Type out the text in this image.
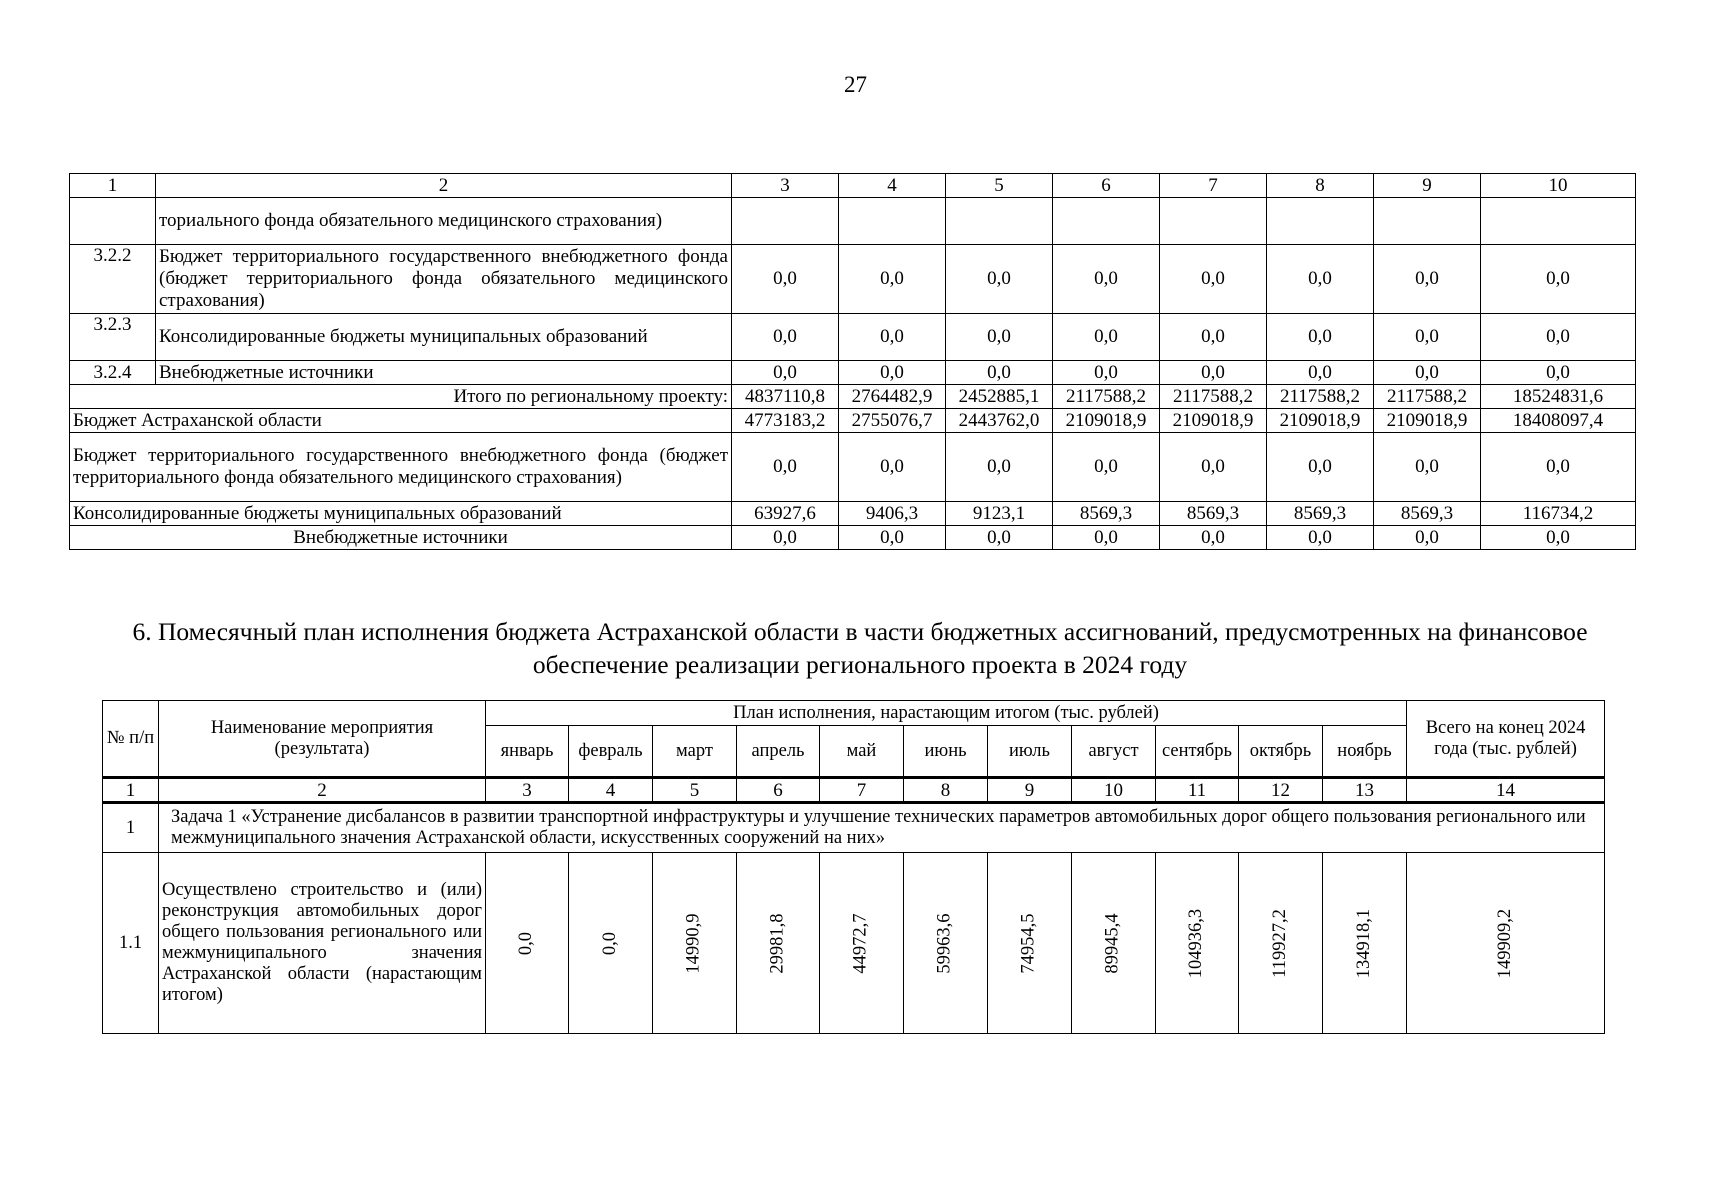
27
1	2	3	4	5	6	7	8	9	10
	ториального фонда обязательного медицинского страхования)								
3.2.2	Бюджет территориального государственного внебюджетного фонда (бюджет территориального фонда обязательного медицинского страхования)	0,0	0,0	0,0	0,0	0,0	0,0	0,0	0,0
3.2.3	Консолидированные бюджеты муниципальных образований	0,0	0,0	0,0	0,0	0,0	0,0	0,0	0,0
3.2.4	Внебюджетные источники	0,0	0,0	0,0	0,0	0,0	0,0	0,0	0,0
Итого по региональному проекту:		4837110,8	2764482,9	2452885,1	2117588,2	2117588,2	2117588,2	2117588,2	18524831,6
Бюджет Астраханской области		4773183,2	2755076,7	2443762,0	2109018,9	2109018,9	2109018,9	2109018,9	18408097,4
Бюджет территориального государственного внебюджетного фонда (бюджет территориального фонда обязательного медицинского страхования)		0,0	0,0	0,0	0,0	0,0	0,0	0,0	0,0
Консолидированные бюджеты муниципальных образований		63927,6	9406,3	9123,1	8569,3	8569,3	8569,3	8569,3	116734,2
Внебюджетные источники		0,0	0,0	0,0	0,0	0,0	0,0	0,0	0,0
6. Помесячный план исполнения бюджета Астраханской области в части бюджетных ассигнований, предусмотренных на финансовое обеспечение реализации регионального проекта в 2024 году
№ п/п	Наименование мероприятия (результата)	План исполнения, нарастающим итогом (тыс. рублей)											Всего на конец 2024 года (тыс. рублей)
		январь	февраль	март	апрель	май	июнь	июль	август	сентябрь	октябрь	ноябрь	
1	2	3	4	5	6	7	8	9	10	11	12	13	14
1	Задача 1 «Устранение дисбалансов в развитии транспортной инфраструктуры и улучшение технических параметров автомобильных дорог общего пользования регионального или межмуниципального значения Астраханской области, искусственных сооружений на них»												
1.1	Осуществлено строительство и (или) реконструкция автомобильных дорог общего пользования регионального или межмуниципального значения Астраханской области (нарастающим итогом)	0,0	0,0	14990,9	29981,8	44972,7	59963,6	74954,5	89945,4	104936,3	119927,2	134918,1	149909,2
